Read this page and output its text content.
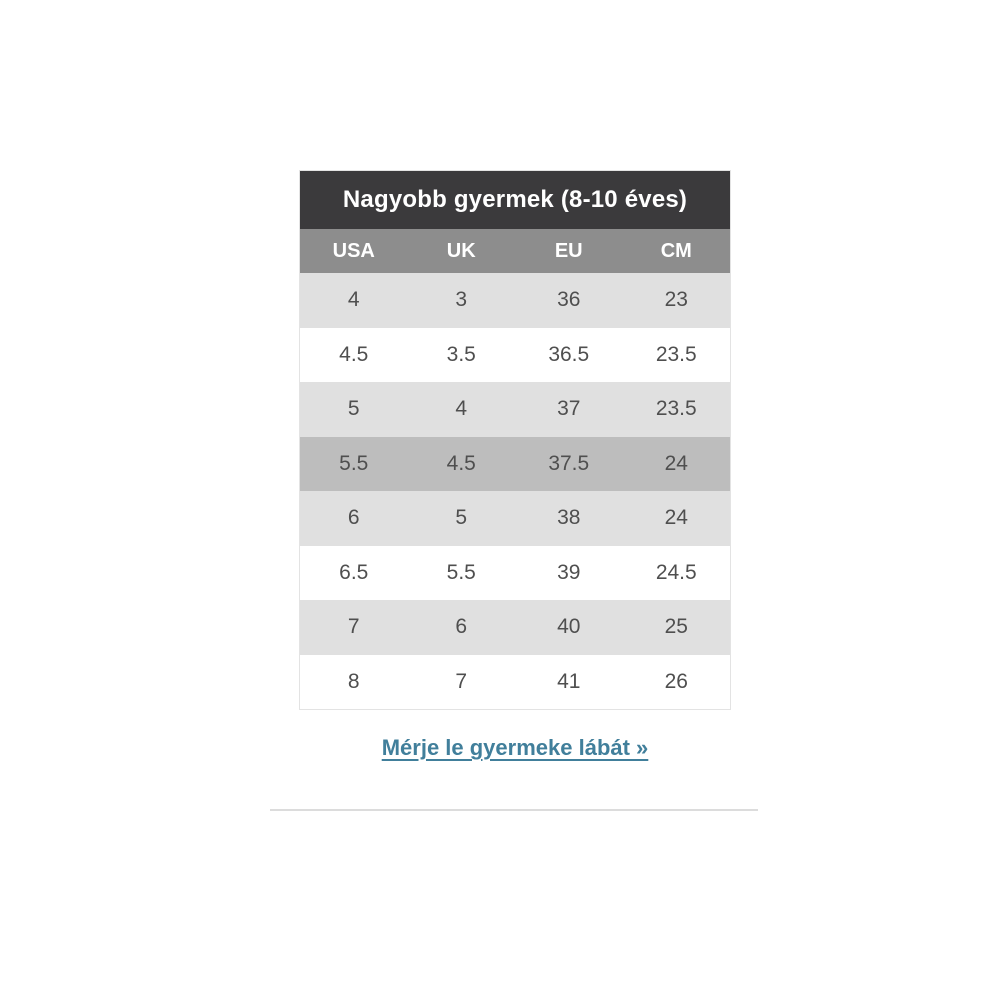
Nagyobb gyermek (8-10 éves)
USA	UK	EU	CM
4	3	36	23
4.5	3.5	36.5	23.5
5	4	37	23.5
5.5	4.5	37.5	24
6	5	38	24
6.5	5.5	39	24.5
7	6	40	25
8	7	41	26
Mérje le gyermeke lábát »
